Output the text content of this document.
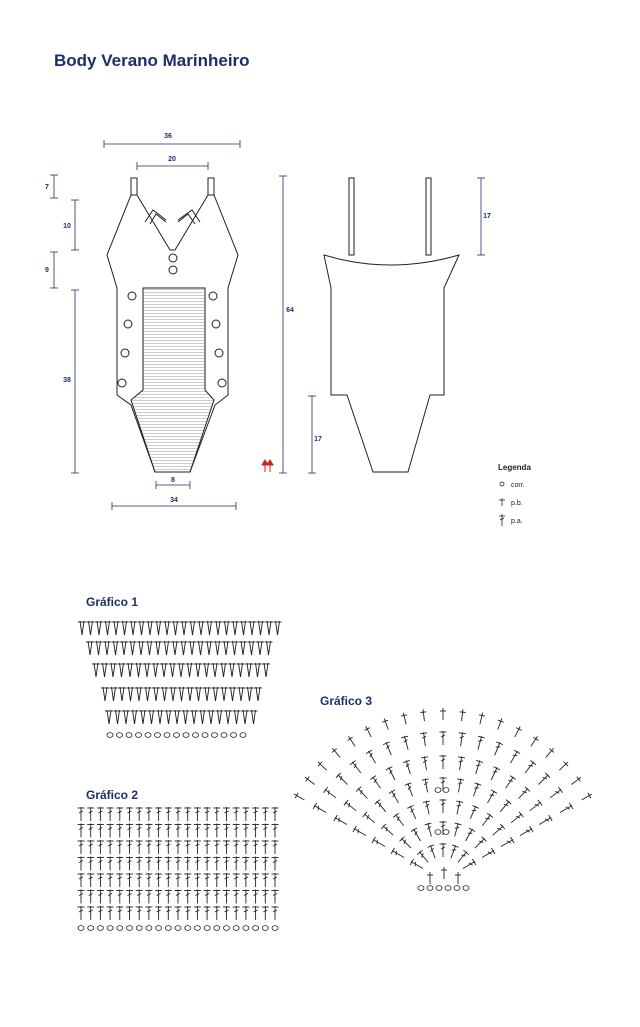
Body Verano Marinheiro
36
20
7
10
9
38
8
34
64
17
17
Legenda
corr.
p.b.
p.a.
Gráfico 1
Gráfico 2
Gráfico 3
